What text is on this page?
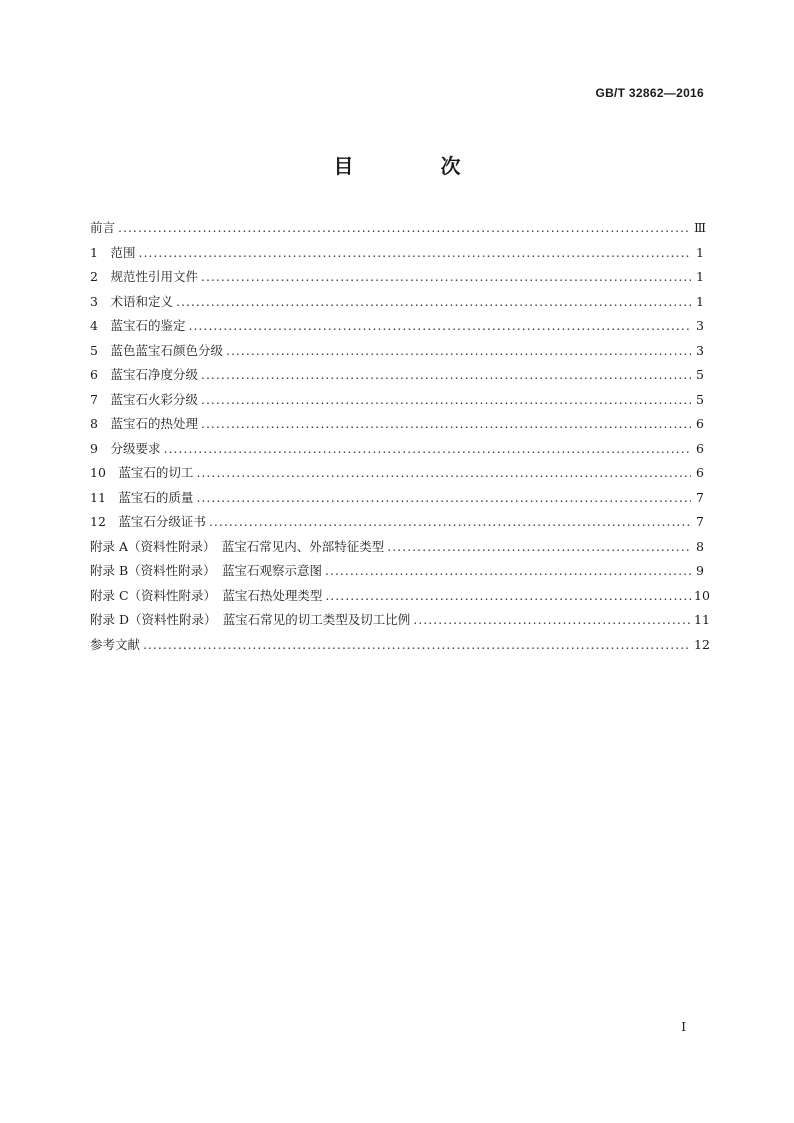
GB/T 32862—2016
目 次
前言 .....	Ⅲ
1　 范围 .....	1
2　 规范性引用文件 .....	1
3　 术语和定义 .....	1
4　 蓝宝石的鉴定 .....	3
5　 蓝色蓝宝石颜色分级 .....	3
6　 蓝宝石净度分级 .....	5
7　 蓝宝石火彩分级 .....	5
8　 蓝宝石的热处理 .....	6
9　 分级要求 .....	6
10　 蓝宝石的切工 .....	6
11　 蓝宝石的质量 .....	7
12　 蓝宝石分级证书 .....	7
附录 A（资料性附录）　 蓝宝石常见内、外部特征类型 .....	8
附录 B（资料性附录）　 蓝宝石观察示意图 .....	9
附录 C（资料性附录）　 蓝宝石热处理类型 .....	10
附录 D（资料性附录）　 蓝宝石常见的切工类型及切工比例 .....	11
参考文献 .....	12
I
